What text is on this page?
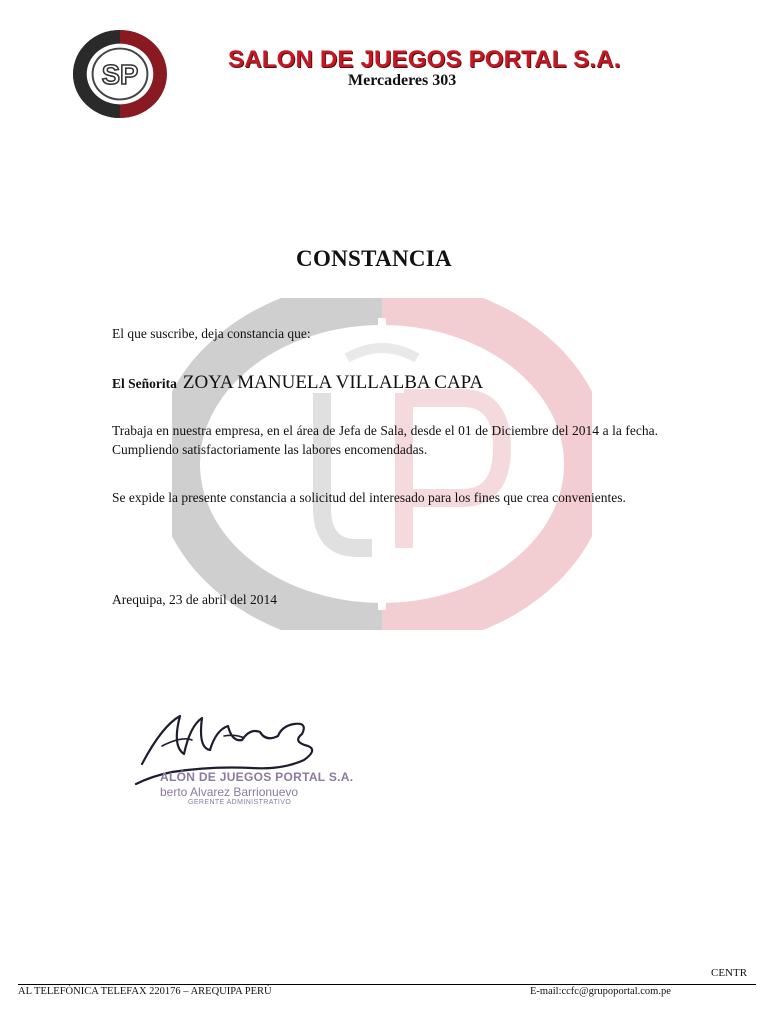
SP	SALON DE JUEGOS PORTAL S.A.
Mercaderes 303
CONSTANCIA
El que suscribe, deja constancia que:
El Señorita ZOYA MANUELA VILLALBA CAPA
Trabaja en nuestra empresa, en el área de Jefa de Sala, desde el 01 de Diciembre del 2014 a la fecha. Cumpliendo satisfactoriamente las labores encomendadas.
Se expide la presente constancia a solicitud del interesado para los fines que crea convenientes.
Arequipa, 23 de abril del 2014
ALÓN DE JUEGOS PORTAL S.A.
berto Alvarez Barrionuevo
GERENTE ADMINISTRATIVO
CENTR
AL TELEFÓNICA TELEFAX 220176 – AREQUIPA PERÚ	E-mail:ccfc@grupoportal.com.pe
